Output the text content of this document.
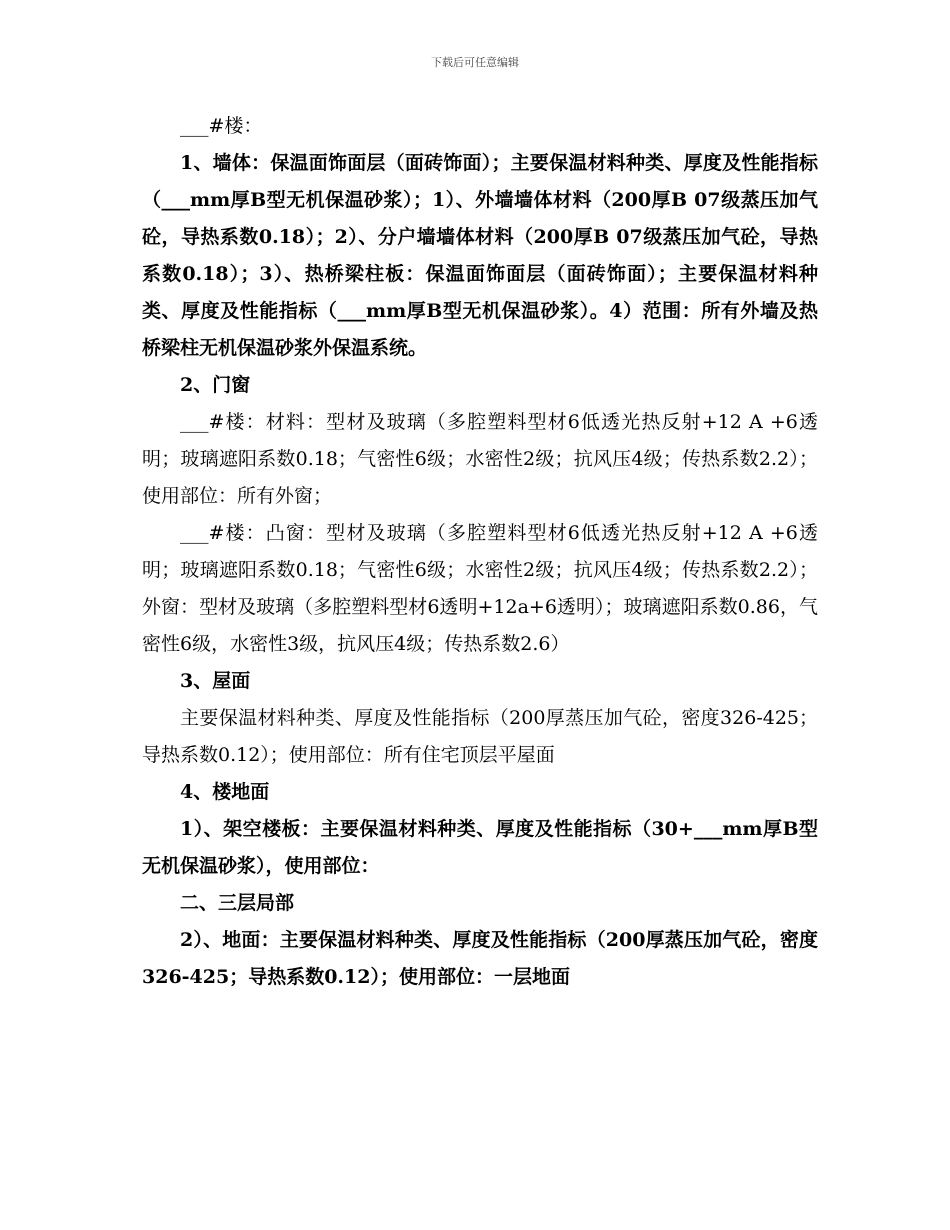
下载后可任意编辑

___#楼：

1、墙体：保温面饰面层（面砖饰面）；主要保温材料种类、厚度及性能指标（___mm厚B型无机保温砂浆）；1）、外墙墙体材料（200厚B 07级蒸压加气砼，导热系数0.18）；2）、分户墙墙体材料（200厚B 07级蒸压加气砼，导热系数0.18）；3）、热桥梁柱板：保温面饰面层（面砖饰面）；主要保温材料种类、厚度及性能指标（___mm厚B型无机保温砂浆）。4）范围：所有外墙及热桥梁柱无机保温砂浆外保温系统。

2、门窗

___#楼：材料：型材及玻璃（多腔塑料型材6低透光热反射+12 A +6透明；玻璃遮阳系数0.18；气密性6级；水密性2级；抗风压4级；传热系数2.2）；使用部位：所有外窗；

___#楼：凸窗：型材及玻璃（多腔塑料型材6低透光热反射+12 A +6透明；玻璃遮阳系数0.18；气密性6级；水密性2级；抗风压4级；传热系数2.2）；外窗：型材及玻璃（多腔塑料型材6透明+12a+6透明）；玻璃遮阳系数0.86，气密性6级，水密性3级，抗风压4级；传热系数2.6）

3、屋面

主要保温材料种类、厚度及性能指标（200厚蒸压加气砼，密度326-425；导热系数0.12）；使用部位：所有住宅顶层平屋面

4、楼地面

1）、架空楼板：主要保温材料种类、厚度及性能指标（30+___mm厚B型无机保温砂浆），使用部位：

二、三层局部

2）、地面：主要保温材料种类、厚度及性能指标（200厚蒸压加气砼，密度326-425；导热系数0.12）；使用部位：一层地面
